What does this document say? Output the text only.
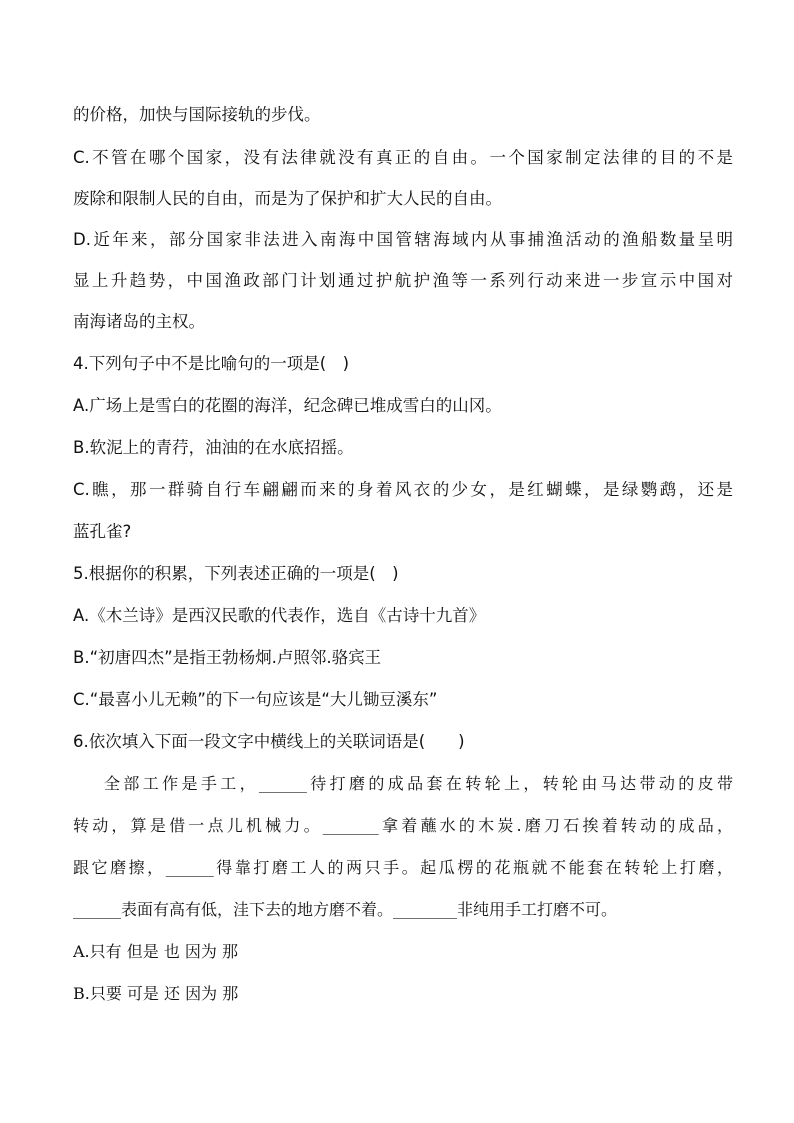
的价格，加快与国际接轨的步伐。
C.不管在哪个国家，没有法律就没有真正的自由。一个国家制定法律的目的不是
废除和限制人民的自由，而是为了保护和扩大人民的自由。
D.近年来，部分国家非法进入南海中国管辖海域内从事捕渔活动的渔船数量呈明
显上升趋势，中国渔政部门计划通过护航护渔等一系列行动来进一步宣示中国对
南海诸岛的主权。
4.下列句子中不是比喻句的一项是(　)
A.广场上是雪白的花圈的海洋，纪念碑已堆成雪白的山冈。
B.软泥上的青荇，油油的在水底招摇。
C.瞧，那一群骑自行车翩翩而来的身着风衣的少女，是红蝴蝶，是绿鹦鹉，还是
蓝孔雀?
5.根据你的积累，下列表述正确的一项是(　)
A.《木兰诗》是西汉民歌的代表作，选自《古诗十九首》
B.“初唐四杰”是指王勃杨炯.卢照邻.骆宾王
C.“最喜小儿无赖”的下一句应该是“大儿锄豆溪东”
6.依次填入下面一段文字中横线上的关联词语是(　　)
全部工作是手工，______待打磨的成品套在转轮上，转轮由马达带动的皮带
转动，算是借一点儿机械力。_______拿着蘸水的木炭.磨刀石挨着转动的成品，
跟它磨擦，______得靠打磨工人的两只手。起瓜楞的花瓶就不能套在转轮上打磨，
______表面有高有低，洼下去的地方磨不着。________非纯用手工打磨不可。
A.只有 但是 也 因为 那
B.只要 可是 还 因为 那
